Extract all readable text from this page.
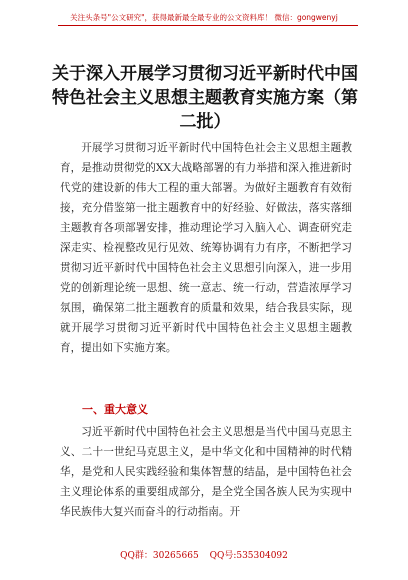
关注头条号"公文研究"，获得最新最全最专业的公文资料库！ 微信：gongwenyj
关于深入开展学习贯彻习近平新时代中国特色社会主义思想主题教育实施方案（第二批）

开展学习贯彻习近平新时代中国特色社会主义思想主题教育，是推动贯彻党的XX大战略部署的有力举措和深入推进新时代党的建设新的伟大工程的重大部署。为做好主题教育有效衔接，充分借鉴第一批主题教育中的好经验、好做法，落实落细主题教育各项部署安排，推动理论学习入脑入心、调查研究走深走实、检视整改见行见效、统筹协调有力有序，不断把学习贯彻习近平新时代中国特色社会主义思想引向深入，进一步用党的创新理论统一思想、统一意志、统一行动，营造浓厚学习氛围，确保第二批主题教育的质量和效果，结合我县实际，现就开展学习贯彻习近平新时代中国特色社会主义思想主题教育，提出如下实施方案。

一、重大意义

习近平新时代中国特色社会主义思想是当代中国马克思主义、二十一世纪马克思主义，是中华文化和中国精神的时代精华，是党和人民实践经验和集体智慧的结晶，是中国特色社会主义理论体系的重要组成部分，是全党全国各族人民为实现中华民族伟大复兴而奋斗的行动指南。开

QQ群：30265665 QQ号:535304092
